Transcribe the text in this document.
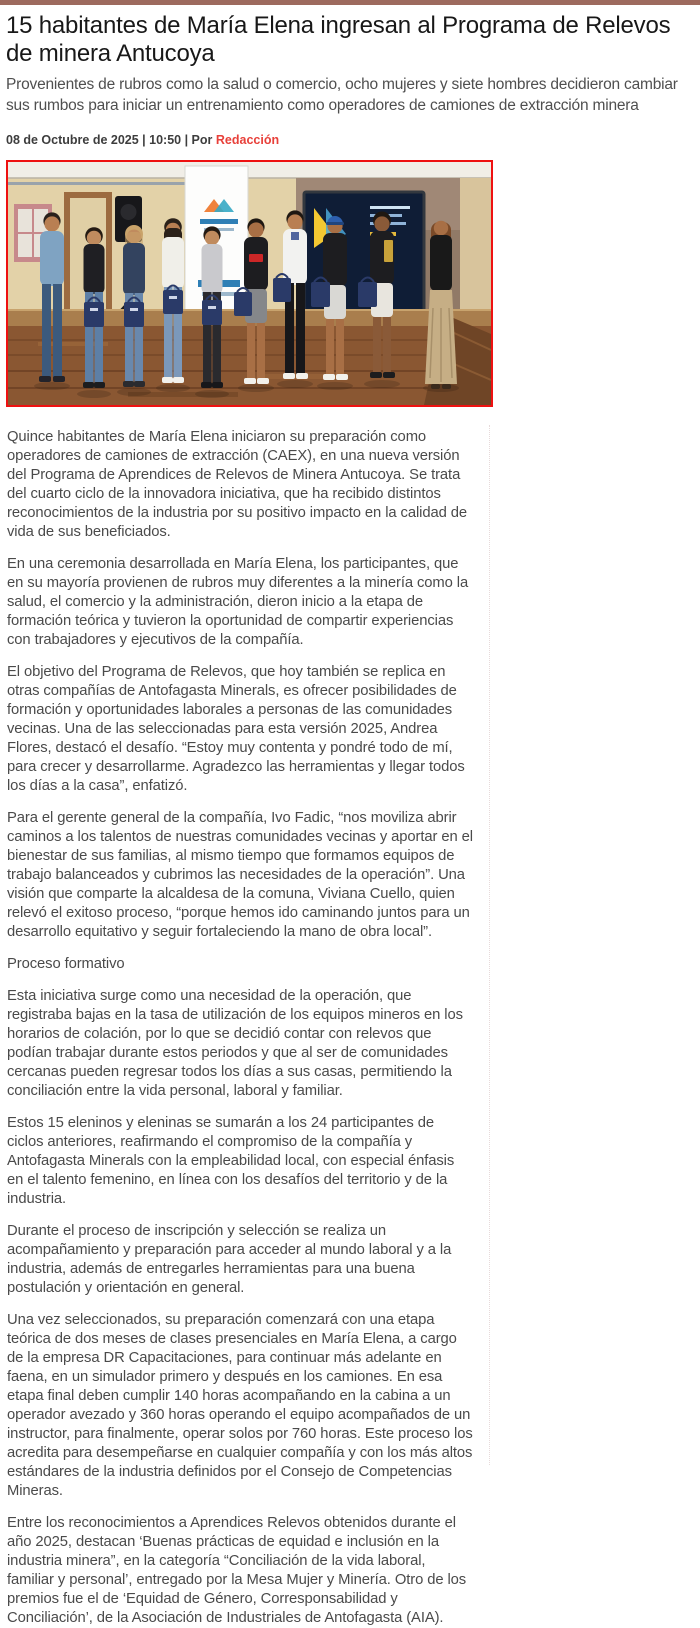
15 habitantes de María Elena ingresan al Programa de Relevos de minera Antucoya

Provenientes de rubros como la salud o comercio, ocho mujeres y siete hombres decidieron cambiar sus rumbos para iniciar un entrenamiento como operadores de camiones de extracción minera

08 de Octubre de 2025 | 10:50 | Por Redacción

Quince habitantes de María Elena iniciaron su preparación como operadores de camiones de extracción (CAEX), en una nueva versión del Programa de Aprendices de Relevos de Minera Antucoya. Se trata del cuarto ciclo de la innovadora iniciativa, que ha recibido distintos reconocimientos de la industria por su positivo impacto en la calidad de vida de sus beneficiados.

En una ceremonia desarrollada en María Elena, los participantes, que en su mayoría provienen de rubros muy diferentes a la minería como la salud, el comercio y la administración, dieron inicio a la etapa de formación teórica y tuvieron la oportunidad de compartir experiencias con trabajadores y ejecutivos de la compañía.

El objetivo del Programa de Relevos, que hoy también se replica en otras compañías de Antofagasta Minerals, es ofrecer posibilidades de formación y oportunidades laborales a personas de las comunidades vecinas. Una de las seleccionadas para esta versión 2025, Andrea Flores, destacó el desafío. “Estoy muy contenta y pondré todo de mí, para crecer y desarrollarme. Agradezco las herramientas y llegar todos los días a la casa”, enfatizó.

Para el gerente general de la compañía, Ivo Fadic, “nos moviliza abrir caminos a los talentos de nuestras comunidades vecinas y aportar en el bienestar de sus familias, al mismo tiempo que formamos equipos de trabajo balanceados y cubrimos las necesidades de la operación”. Una visión que comparte la alcaldesa de la comuna, Viviana Cuello, quien relevó el exitoso proceso, “porque hemos ido caminando juntos para un desarrollo equitativo y seguir fortaleciendo la mano de obra local”.

Proceso formativo

Esta iniciativa surge como una necesidad de la operación, que registraba bajas en la tasa de utilización de los equipos mineros en los horarios de colación, por lo que se decidió contar con relevos que podían trabajar durante estos periodos y que al ser de comunidades cercanas pueden regresar todos los días a sus casas, permitiendo la conciliación entre la vida personal, laboral y familiar.

Estos 15 eleninos y eleninas se sumarán a los 24 participantes de ciclos anteriores, reafirmando el compromiso de la compañía y Antofagasta Minerals con la empleabilidad local, con especial énfasis en el talento femenino, en línea con los desafíos del territorio y de la industria.

Durante el proceso de inscripción y selección se realiza un acompañamiento y preparación para acceder al mundo laboral y a la industria, además de entregarles herramientas para una buena postulación y orientación en general.

Una vez seleccionados, su preparación comenzará con una etapa teórica de dos meses de clases presenciales en María Elena, a cargo de la empresa DR Capacitaciones, para continuar más adelante en faena, en un simulador primero y después en los camiones. En esa etapa final deben cumplir 140 horas acompañando en la cabina a un operador avezado y 360 horas operando el equipo acompañados de un instructor, para finalmente, operar solos por 760 horas. Este proceso los acredita para desempeñarse en cualquier compañía y con los más altos estándares de la industria definidos por el Consejo de Competencias Mineras.

Entre los reconocimientos a Aprendices Relevos obtenidos durante el año 2025, destacan ‘Buenas prácticas de equidad e inclusión en la industria minera”, en la categoría “Conciliación de la vida laboral, familiar y personal’, entregado por la Mesa Mujer y Minería. Otro de los premios fue el de ‘Equidad de Género, Corresponsabilidad y Conciliación’, de la Asociación de Industriales de Antofagasta (AIA).
